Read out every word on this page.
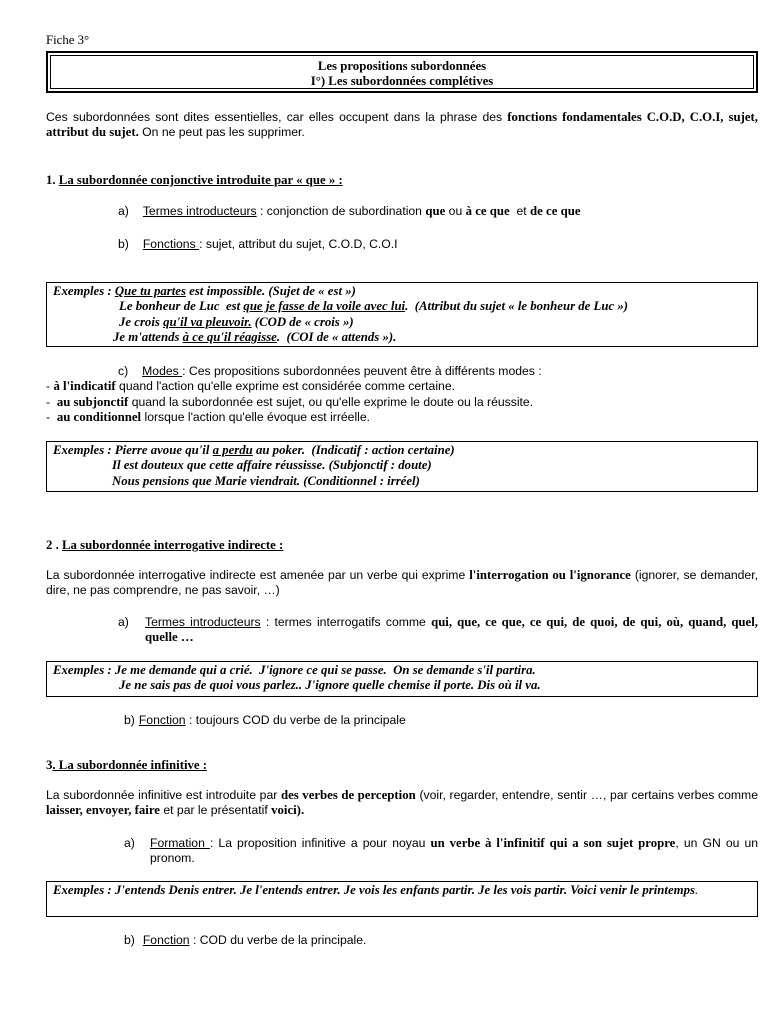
Fiche 3°
Les propositions subordonnées
I°) Les subordonnées complétives
Ces subordonnées sont dites essentielles, car elles occupent dans la phrase des fonctions fondamentales C.O.D, C.O.I, sujet, attribut du sujet. On ne peut pas les supprimer.
1. La subordonnée conjonctive introduite par « que » :
a) Termes introducteurs : conjonction de subordination que ou à ce que  et de ce que
b) Fonctions : sujet, attribut du sujet, C.O.D, C.O.I
Exemples : Que tu partes est impossible. (Sujet de « est »)
Le bonheur de Luc  est que je fasse de la voile avec lui.  (Attribut du sujet « le bonheur de Luc »)
Je crois qu'il va pleuvoir. (COD de « crois »)
Je m'attends à ce qu'il réagisse.  (COI de « attends »).
c) Modes : Ces propositions subordonnées peuvent être à différents modes :
- à l'indicatif quand l'action qu'elle exprime est considérée comme certaine.
-  au subjonctif quand la subordonnée est sujet, ou qu'elle exprime le doute ou la réussite.
-  au conditionnel lorsque l'action qu'elle évoque est irréelle.
Exemples : Pierre avoue qu'il a perdu au poker.  (Indicatif : action certaine)
Il est douteux que cette affaire réussisse. (Subjonctif : doute)
Nous pensions que Marie viendrait. (Conditionnel : irréel)
2 . La subordonnée interrogative indirecte :
La subordonnée interrogative indirecte est amenée par un verbe qui exprime l'interrogation ou l'ignorance (ignorer, se demander, dire, ne pas comprendre, ne pas savoir, …)
a) Termes introducteurs : termes interrogatifs comme qui, que, ce que, ce qui, de quoi, de qui, où, quand, quel, quelle …
Exemples : Je me demande qui a crié.  J'ignore ce qui se passe.  On se demande s'il partira.
Je ne sais pas de quoi vous parlez.. J'ignore quelle chemise il porte. Dis où il va.
b) Fonction : toujours COD du verbe de la principale
3. La subordonnée infinitive :
La subordonnée infinitive est introduite par des verbes de perception (voir, regarder, entendre, sentir …, par certains verbes comme laisser, envoyer, faire et par le présentatif voici).
a) Formation : La proposition infinitive a pour noyau un verbe à l'infinitif qui a son sujet propre, un GN ou un pronom.
Exemples : J'entends Denis entrer. Je l'entends entrer. Je vois les enfants partir. Je les vois partir. Voici venir le printemps.
b) Fonction : COD du verbe de la principale.
